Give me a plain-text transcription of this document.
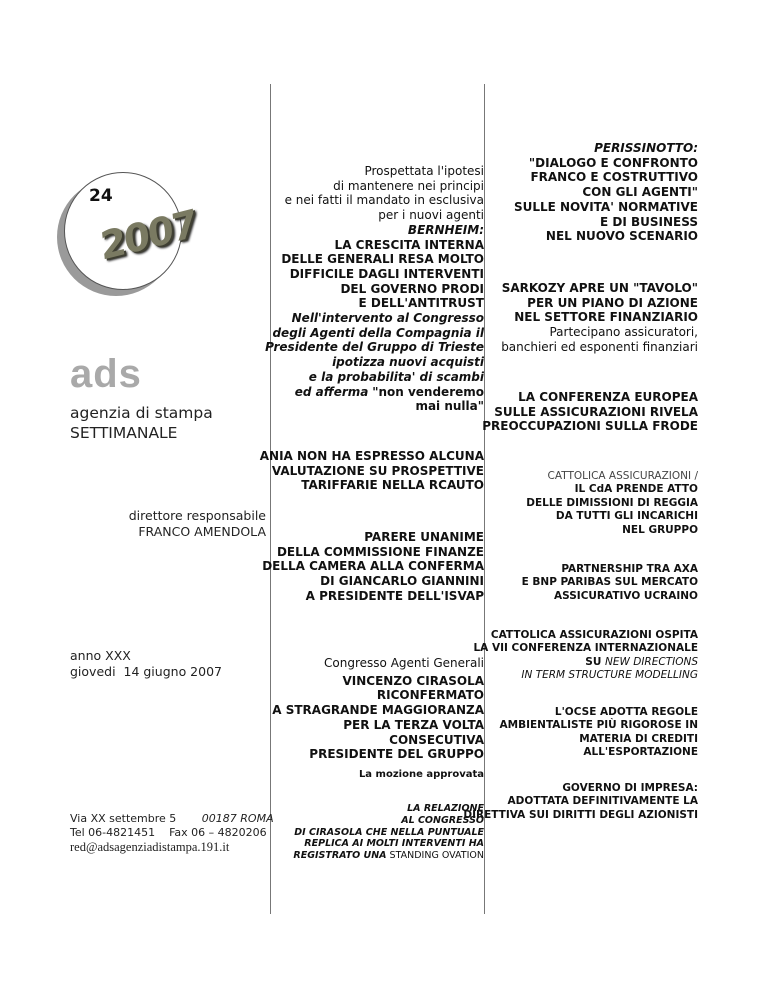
24
2007
ads
agenzia di stampa
SETTIMANALE
direttore responsabile
FRANCO AMENDOLA
anno XXX
giovedi  14 giugno 2007
Via XX settembre 5 00187 ROMA
Tel 06-4821451    Fax 06 – 4820206
red@adsagenziadistampa.191.it
Prospettata l'ipotesi
di mantenere nei principi
e nei fatti il mandato in esclusiva
per i nuovi agenti
BERNHEIM:
LA CRESCITA INTERNA
DELLE GENERALI RESA MOLTO
DIFFICILE DAGLI INTERVENTI
DEL GOVERNO PRODI
E DELL'ANTITRUST
Nell'intervento al Congresso
degli Agenti della Compagnia il
Presidente del Gruppo di Trieste
ipotizza nuovi acquisti
e la probabilita' di scambi
ed afferma "non venderemo
mai nulla"
ANIA NON HA ESPRESSO ALCUNA
VALUTAZIONE SU PROSPETTIVE
TARIFFARIE NELLA RCAUTO
PARERE UNANIME
DELLA COMMISSIONE FINANZE
DELLA CAMERA ALLA CONFERMA
DI GIANCARLO GIANNINI
A PRESIDENTE DELL'ISVAP
Congresso Agenti Generali
VINCENZO CIRASOLA
RICONFERMATO
A STRAGRANDE MAGGIORANZA
PER LA TERZA VOLTA
CONSECUTIVA
PRESIDENTE DEL GRUPPO
La mozione approvata
LA RELAZIONE
AL CONGRESSO
DI CIRASOLA CHE NELLA PUNTUALE
REPLICA AI MOLTI INTERVENTI HA
REGISTRATO UNA STANDING OVATION
PERISSINOTTO:
"DIALOGO E CONFRONTO
FRANCO E COSTRUTTIVO
CON GLI AGENTI"
SULLE NOVITA' NORMATIVE
E DI BUSINESS
NEL NUOVO SCENARIO
SARKOZY APRE UN "TAVOLO"
PER UN PIANO DI AZIONE
NEL SETTORE FINANZIARIO
Partecipano assicuratori,
banchieri ed esponenti finanziari
LA CONFERENZA EUROPEA
SULLE ASSICURAZIONI RIVELA
PREOCCUPAZIONI SULLA FRODE
CATTOLICA ASSICURAZIONI /
IL CdA PRENDE ATTO
DELLE DIMISSIONI DI REGGIA
DA TUTTI GLI INCARICHI
NEL GRUPPO
PARTNERSHIP TRA AXA
E BNP PARIBAS SUL MERCATO
ASSICURATIVO UCRAINO
CATTOLICA ASSICURAZIONI OSPITA
LA VII CONFERENZA INTERNAZIONALE
SU NEW DIRECTIONS
IN TERM STRUCTURE MODELLING
L'OCSE ADOTTA REGOLE
AMBIENTALISTE PIÙ RIGOROSE IN
MATERIA DI CREDITI
ALL'ESPORTAZIONE
GOVERNO DI IMPRESA:
ADOTTATA DEFINITIVAMENTE LA
DIRETTIVA SUI DIRITTI DEGLI AZIONISTI
